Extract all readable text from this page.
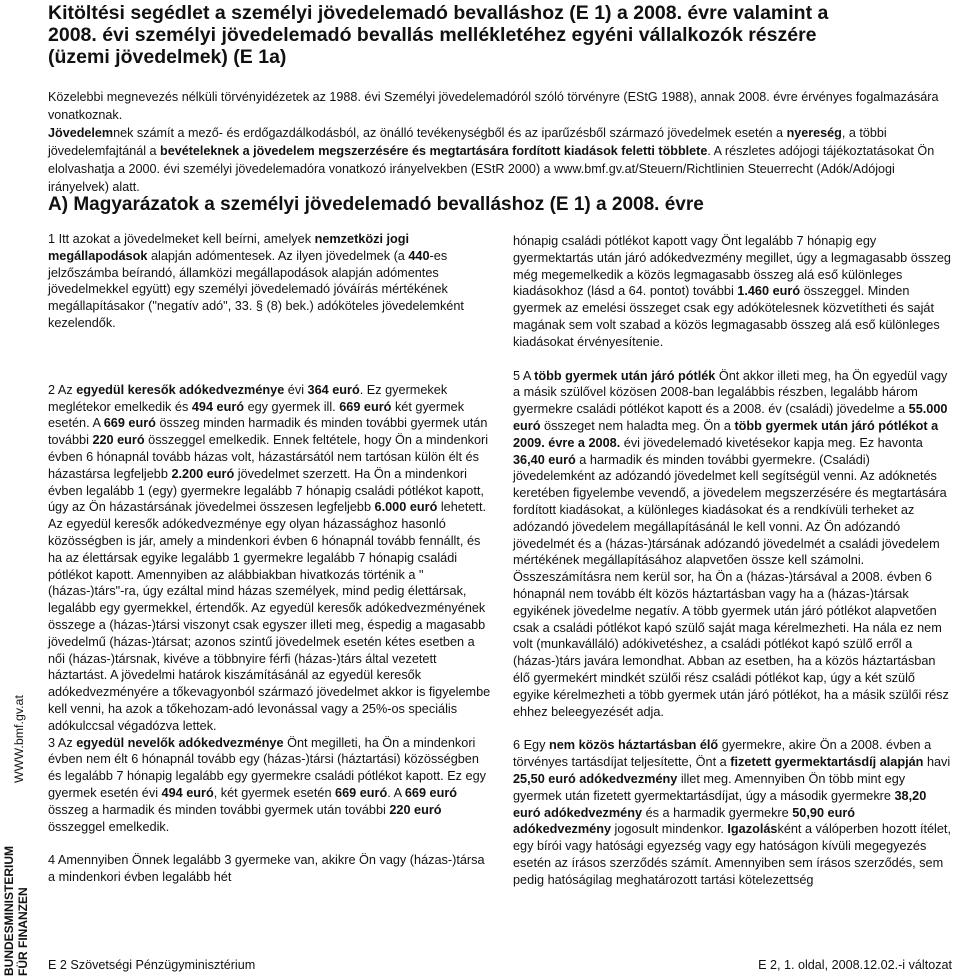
Kitöltési segédlet a személyi jövedelemadó bevalláshoz (E 1) a 2008. évre valamint a
2008. évi személyi jövedelemadó bevallás mellékletéhez egyéni vállalkozók részére
(üzemi jövedelmek) (E 1a)

Közelebbi megnevezés nélküli törvényidézetek az 1988. évi Személyi jövedelemadóról szóló törvényre (EStG 1988), annak 2008. évre érvényes fogalmazására vonatkoznak.

Jövedelemnek számít a mező- és erdőgazdálkodásból, az önálló tevékenységből és az iparűzésből származó jövedelmek esetén a nyereség, a többi jövedelemfajtánál a bevételeknek a jövedelem megszerzésére és megtartására fordított kiadások feletti többlete. A részletes adójogi tájékoztatásokat Ön elolvashatja a 2000. évi személyi jövedelemadóra vonatkozó irányelvekben (EStR 2000) a www.bmf.gv.at/Steuern/Richtlinien Steuerrecht (Adók/Adójogi irányelvek) alatt.

A) Magyarázatok a személyi jövedelemadó bevalláshoz (E 1) a 2008. évre

1 Itt azokat a jövedelmeket kell beírni, amelyek nemzetközi jogi megállapodások alapján adómentesek. Az ilyen jövedelmek (a 440-es jelzőszámba beírandó, államközi megállapodások alapján adómentes jövedelmekkel együtt) egy személyi jövedelemadó jóváírás mértékének megállapításakor ("negatív adó", 33. § (8) bek.) adóköteles jövedelemként kezelendők.

2 Az egyedül keresők adókedvezménye évi 364 euró. Ez gyermekek meglétekor emelkedik és 494 euró egy gyermek ill. 669 euró két gyermek esetén. A 669 euró összeg minden harmadik és minden további gyermek után további 220 euró összeggel emelkedik. Ennek feltétele, hogy Ön a mindenkori évben 6 hónapnál tovább házas volt, házastársától nem tartósan külön élt és házastársa legfeljebb 2.200 euró jövedelmet szerzett. Ha Ön a mindenkori évben legalább 1 (egy) gyermekre legalább 7 hónapig családi pótlékot kapott, úgy az Ön házastársának jövedelmei összesen legfeljebb 6.000 euró lehetett. Az egyedül keresők adókedvezménye egy olyan házassághoz hasonló közösségben is jár, amely a mindenkori évben 6 hónapnál tovább fennállt, és ha az élettársak egyike legalább 1 gyermekre legalább 7 hónapig családi pótlékot kapott. Amennyiben az alábbiakban hivatkozás történik a "(házas-)társ"-ra, úgy ezáltal mind házas személyek, mind pedig élettársak, legalább egy gyermekkel, értendők. Az egyedül keresők adókedvezményének összege a (házas-)társi viszonyt csak egyszer illeti meg, éspedig a magasabb jövedelmű (házas-)társat; azonos szintű jövedelmek esetén kétes esetben a női (házas-)társnak, kivéve a többnyire férfi (házas-)társ által vezetett háztartást. A jövedelmi határok kiszámításánál az egyedül keresők adókedvezményére a tőkevagyonból származó jövedelmet akkor is figyelembe kell venni, ha azok a tőkehozam-adó levonással vagy a 25%-os speciális adókulccsal végadózva lettek.

3 Az egyedül nevelők adókedvezménye Önt megilleti, ha Ön a mindenkori évben nem élt 6 hónapnál tovább egy (házas-)társi (háztartási) közösségben és legalább 7 hónapig legalább egy gyermekre családi pótlékot kapott. Ez egy gyermek esetén évi 494 euró, két gyermek esetén 669 euró. A 669 euró összeg a harmadik és minden további gyermek után további 220 euró összeggel emelkedik.

4 Amennyiben Önnek legalább 3 gyermeke van, akikre Ön vagy (házas-)társa a mindenkori évben legalább hét

hónapig családi pótlékot kapott vagy Önt legalább 7 hónapig egy gyermektartás után járó adókedvezmény megillet, úgy a legmagasabb összeg még megemelkedik a közös legmagasabb összeg alá eső különleges kiadásokhoz (lásd a 64. pontot) további 1.460 euró összeggel. Minden gyermek az emelési összeget csak egy adókötelesnek közvetítheti és saját magának sem volt szabad a közös legmagasabb összeg alá eső különleges kiadásokat érvényesítenie.

5 A több gyermek után járó pótlék Önt akkor illeti meg, ha Ön egyedül vagy a másik szülővel közösen 2008-ban legalábbis részben, legalább három gyermekre családi pótlékot kapott és a 2008. év (családi) jövedelme a 55.000 euró összeget nem haladta meg. Ön a több gyermek után járó pótlékot a 2009. évre a 2008. évi jövedelemadó kivetésekor kapja meg. Ez havonta 36,40 euró a harmadik és minden további gyermekre. (Családi) jövedelemként az adózandó jövedelmet kell segítségül venni. Az adóknetés keretében figyelembe vevendő, a jövedelem megszerzésére és megtartására fordított kiadásokat, a különleges kiadásokat és a rendkívüli terheket az adózandó jövedelem megállapításánál le kell vonni. Az Ön adózandó jövedelmét és a (házas-)társának adózandó jövedelmét a családi jövedelem mértékének megállapításához alapvetően össze kell számolni. Összeszámításra nem kerül sor, ha Ön a (házas-)társával a 2008. évben 6 hónapnál nem tovább élt közös háztartásban vagy ha a (házas-)társak egyikének jövedelme negatív. A több gyermek után járó pótlékot alapvetően csak a családi pótlékot kapó szülő saját maga kérelmezheti. Ha nála ez nem volt (munkaválláló) adókivetéshez, a családi pótlékot kapó szülő erről a (házas-)társ javára lemondhat. Abban az esetben, ha a közös háztartásban élő gyermekért mindkét szülői rész családi pótlékot kap, úgy a két szülő egyike kérelmezheti a több gyermek után járó pótlékot, ha a másik szülői rész ehhez beleegyezését adja.

6 Egy nem közös háztartásban élő gyermekre, akire Ön a 2008. évben a törvényes tartásdíjat teljesítette, Önt a fizetett gyermektartásdíj alapján havi 25,50 euró adókedvezmény illet meg. Amennyiben Ön több mint egy gyermek után fizetett gyermektartásdíjat, úgy a második gyermekre 38,20 euró adókedvezmény és a harmadik gyermekre 50,90 euró adókedvezmény jogosult mindenkor. Igazolásként a válóperben hozott ítélet, egy bírói vagy hatósági egyezség vagy egy hatóságon kívüli megegyezés esetén az írásos szerződés számít. Amennyiben sem írásos szerződés, sem pedig hatóságilag meghatározott tartási kötelezettség

WWW.bmf.gv.at
BUNDESMINISTERIUM
FÜR FINANZEN E 2 Szövetségi Pénzügyminisztérium	E 2, 1. oldal, 2008.12.02.-i változat
